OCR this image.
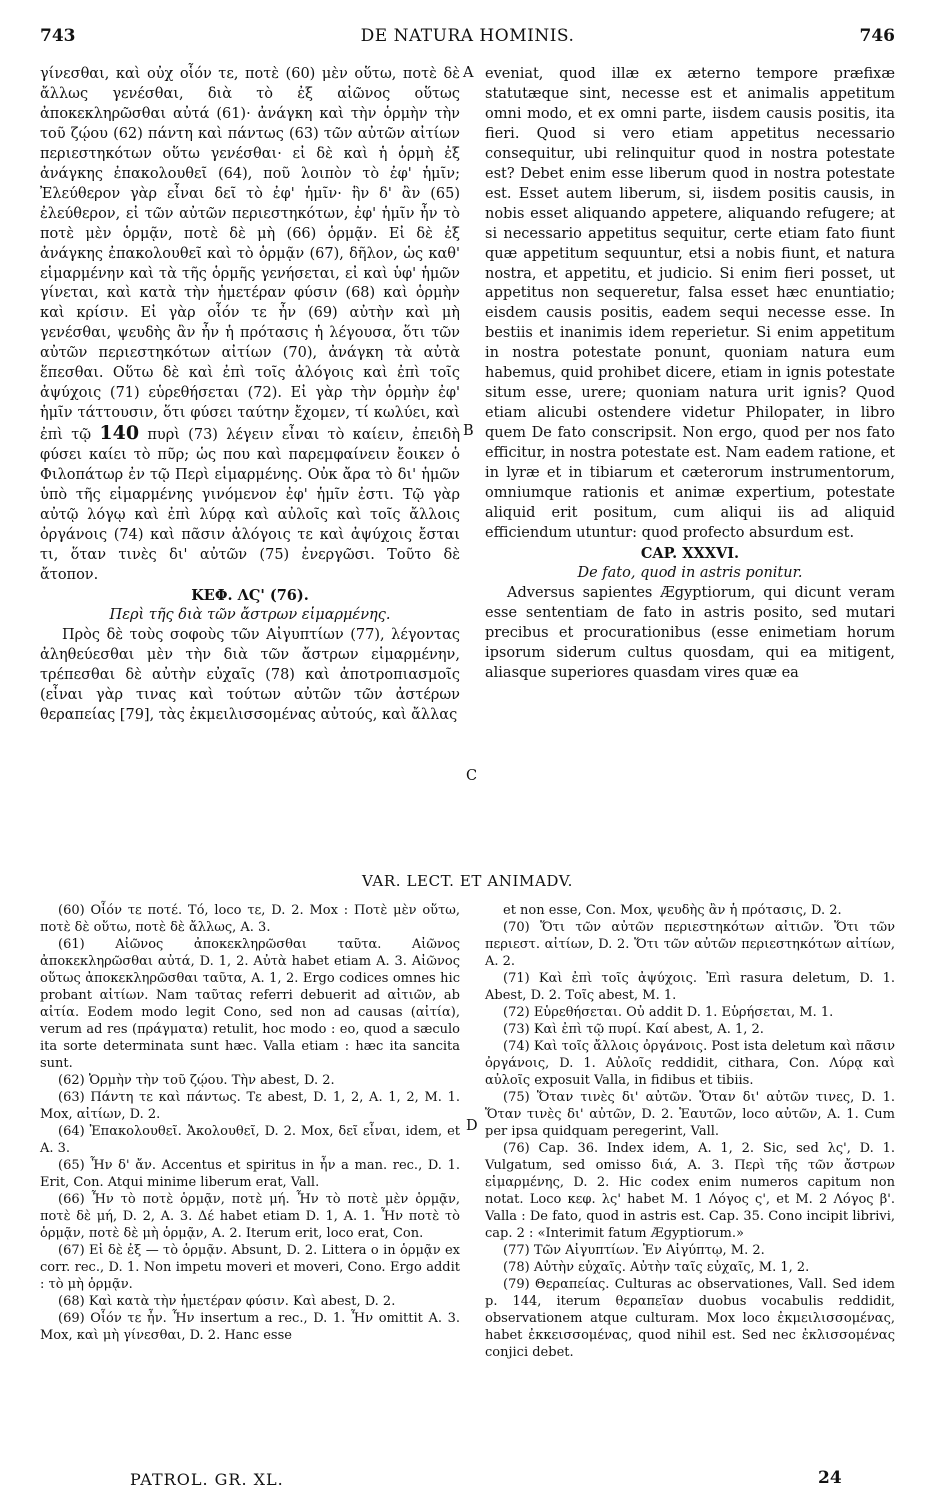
743	DE NATURA HOMINIS.	746

γίνεσθαι, καὶ οὐχ οἷόν τε, ποτὲ (60) μὲν οὕτω, ποτὲ δὲ ἄλλως γενέσθαι, διὰ τὸ ἐξ αἰῶνος οὕτως ἀποκεκληρῶσθαι αὐτά (61)· ἀνάγκη καὶ τὴν ὁρμὴν τὴν τοῦ ζῴου (62) πάντη καὶ πάντως (63) τῶν αὐτῶν αἰτίων περιεστηκότων οὕτω γενέσθαι· εἰ δὲ καὶ ἡ ὁρμὴ ἐξ ἀνάγκης ἐπακολουθεῖ (64), ποῦ λοιπὸν τὸ ἐφ' ἡμῖν; Ἐλεύθερον γὰρ εἶναι δεῖ τὸ ἐφ' ἡμῖν· ἣν δ' ἂν (65) ἐλεύθερον, εἰ τῶν αὐτῶν περιεστηκότων, ἐφ' ἡμῖν ἦν τὸ ποτὲ μὲν ὁρμᾷν, ποτὲ δὲ μὴ (66) ὁρμᾷν. Εἰ δὲ ἐξ ἀνάγκης ἐπακολουθεῖ καὶ τὸ ὁρμᾷν (67), δῆλον, ὡς καθ' εἱμαρμένην καὶ τὰ τῆς ὁρμῆς γενήσεται, εἰ καὶ ὑφ' ἡμῶν γίνεται, καὶ κατὰ τὴν ἡμετέραν φύσιν (68) καὶ ὁρμὴν καὶ κρίσιν. Εἰ γὰρ οἷόν τε ἦν (69) αὐτὴν καὶ μὴ γενέσθαι, ψευδὴς ἂν ἦν ἡ πρότασις ἡ λέγουσα, ὅτι τῶν αὐτῶν περιεστηκότων αἰτίων (70), ἀνάγκη τὰ αὐτὰ ἕπεσθαι. Οὕτω δὲ καὶ ἐπὶ τοῖς ἀλόγοις καὶ ἐπὶ τοῖς ἀψύχοις (71) εὑρεθήσεται (72). Εἰ γὰρ τὴν ὁρμὴν ἐφ' ἡμῖν τάττουσιν, ὅτι φύσει ταύτην ἔχομεν, τί κωλύει, καὶ ἐπὶ τῷ 140 πυρὶ (73) λέγειν εἶναι τὸ καίειν, ἐπειδὴ φύσει καίει τὸ πῦρ; ὡς που καὶ παρεμφαίνειν ἔοικεν ὁ Φιλοπάτωρ ἐν τῷ Περὶ εἱμαρμένης. Οὐκ ἄρα τὸ δι' ἡμῶν ὑπὸ τῆς εἱμαρμένης γινόμενον ἐφ' ἡμῖν ἐστι. Τῷ γὰρ αὐτῷ λόγῳ καὶ ἐπὶ λύρᾳ καὶ αὐλοῖς καὶ τοῖς ἄλλοις ὀργάνοις (74) καὶ πᾶσιν ἀλόγοις τε καὶ ἀψύχοις ἔσται τι, ὅταν τινὲς δι' αὐτῶν (75) ἐνεργῶσι. Τοῦτο δὲ ἄτοπον.

ΚΕΦ. ΛϚ' (76).

Περὶ τῆς διὰ τῶν ἄστρων εἱμαρμένης.

Πρὸς δὲ τοὺς σοφοὺς τῶν Αἰγυπτίων (77), λέγοντας ἀληθεύεσθαι μὲν τὴν διὰ τῶν ἄστρων εἱμαρμένην, τρέπεσθαι δὲ αὐτὴν εὐχαῖς (78) καὶ ἀποτροπιασμοῖς (εἶναι γὰρ τινας καὶ τούτων αὐτῶν τῶν ἀστέρων θεραπείας [79], τὰς ἐκμειλισσομένας αὐτούς, καὶ ἄλλας

A
B
C
D

eveniat, quod illæ ex æterno tempore præfixæ statutæque sint, necesse est et animalis appetitum omni modo, et ex omni parte, iisdem causis positis, ita fieri. Quod si vero etiam appetitus necessario consequitur, ubi relinquitur quod in nostra potestate est? Debet enim esse liberum quod in nostra potestate est. Esset autem liberum, si, iisdem positis causis, in nobis esset aliquando appetere, aliquando refugere; at si necessario appetitus sequitur, certe etiam fato fiunt quæ appetitum sequuntur, etsi a nobis fiunt, et natura nostra, et appetitu, et judicio. Si enim fieri posset, ut appetitus non sequeretur, falsa esset hæc enuntiatio; eisdem causis positis, eadem sequi necesse esse. In bestiis et inanimis idem reperietur. Si enim appetitum in nostra potestate ponunt, quoniam natura eum habemus, quid prohibet dicere, etiam in ignis potestate situm esse, urere; quoniam natura urit ignis? Quod etiam alicubi ostendere videtur Philopater, in libro quem De fato conscripsit. Non ergo, quod per nos fato efficitur, in nostra potestate est. Nam eadem ratione, et in lyræ et in tibiarum et cæterorum instrumentorum, omniumque rationis et animæ expertium, potestate aliquid erit positum, cum aliqui iis ad aliquid efficiendum utuntur: quod profecto absurdum est.

CAP. XXXVI.

De fato, quod in astris ponitur.

Adversus sapientes Ægyptiorum, qui dicunt veram esse sententiam de fato in astris posito, sed mutari precibus et procurationibus (esse enimetiam horum ipsorum siderum cultus quosdam, qui ea mitigent, aliasque superiores quasdam vires quæ ea

VAR. LECT. ET ANIMADV.

(60) Οἷόν τε ποτέ. Τό, loco τε, D. 2. Mox : Ποτὲ μὲν οὕτω, ποτὲ δὲ οὕτω, ποτὲ δὲ ἄλλως, A. 3.

(61) Αἰῶνος ἀποκεκληρῶσθαι ταῦτα. Αἰῶνος ἀποκεκληρῶσθαι αὐτά, D. 1, 2. Αὐτὰ habet etiam A. 3. Αἰῶνος οὕτως ἀποκεκληρῶσθαι ταῦτα, A. 1, 2. Ergo codices omnes hic probant αἰτίων. Nam ταῦτας referri debuerit ad αἰτιῶν, ab αἰτία. Eodem modo legit Cono, sed non ad causas (αἰτία), verum ad res (πράγματα) retulit, hoc modo : eo, quod a sæculo ita sorte determinata sunt hæc. Valla etiam : hæc ita sancita sunt.

(62) Ὁρμὴν τὴν τοῦ ζῴου. Τὴν abest, D. 2.

(63) Πάντη τε καὶ πάντως. Τε abest, D. 1, 2, A. 1, 2, M. 1. Mox, αἰτίων, D. 2.

(64) Ἐπακολουθεῖ. Ἀκολουθεῖ, D. 2. Mox, δεῖ εἶναι, idem, et A. 3.

(65) Ἦν δ' ἄν. Accentus et spiritus in ἦν a man. rec., D. 1. Erit, Con. Atqui minime liberum erat, Vall.

(66) Ἦν τὸ ποτὲ ὁρμᾷν, ποτὲ μή. Ἦν τὸ ποτὲ μὲν ὁρμᾷν, ποτὲ δὲ μή, D. 2, A. 3. Δέ habet etiam D. 1, A. 1. Ἦν ποτὲ τὸ ὁρμᾷν, ποτὲ δὲ μὴ ὁρμᾷν, A. 2. Iterum erit, loco erat, Con.

(67) Εἰ δὲ ἐξ — τὸ ὁρμᾷν. Absunt, D. 2. Littera o in ὁρμᾷν ex corr. rec., D. 1. Non impetu moveri et moveri, Cono. Ergo addit : τὸ μὴ ὁρμᾷν.

(68) Καὶ κατὰ τὴν ἡμετέραν φύσιν. Καὶ abest, D. 2.

(69) Οἷόν τε ἦν. Ἦν insertum a rec., D. 1. Ἦν omittit A. 3. Mox, καὶ μὴ γίνεσθαι, D. 2. Hanc esse

et non esse, Con. Mox, ψευδὴς ἂν ἡ πρότασις, D. 2.

(70) Ὅτι τῶν αὐτῶν περιεστηκότων αἰτιῶν. Ὅτι τῶν περιεστ. αἰτίων, D. 2. Ὅτι τῶν αὐτῶν περιεστηκότων αἰτίων, A. 2.

(71) Καὶ ἐπὶ τοῖς ἀψύχοις. Ἐπὶ rasura deletum, D. 1. Abest, D. 2. Τοῖς abest, M. 1.

(72) Εὑρεθήσεται. Οὐ addit D. 1. Εὑρήσεται, M. 1.

(73) Καὶ ἐπὶ τῷ πυρί. Καί abest, A. 1, 2.

(74) Καὶ τοῖς ἄλλοις ὀργάνοις. Post ista deletum καὶ πᾶσιν ὀργάνοις, D. 1. Αὐλοῖς reddidit, cithara, Con. Λύρᾳ καὶ αὐλοῖς exposuit Valla, in fidibus et tibiis.

(75) Ὅταν τινὲς δι' αὐτῶν. Ὅταν δι' αὐτῶν τινες, D. 1. Ὅταν τινὲς δι' αὐτῶν, D. 2. Ἑαυτῶν, loco αὐτῶν, A. 1. Cum per ipsa quidquam peregerint, Vall.

(76) Cap. 36. Index idem, A. 1, 2. Sic, sed λς', D. 1. Vulgatum, sed omisso διά, A. 3. Περὶ τῆς τῶν ἄστρων εἱμαρμένης, D. 2. Hic codex enim numeros capitum non notat. Loco κεφ. λς' habet M. 1 Λόγος ς', et M. 2 Λόγος β'. Valla : De fato, quod in astris est. Cap. 35. Cono incipit librivi, cap. 2 : «Interimit fatum Ægyptiorum.»

(77) Τῶν Αἰγυπτίων. Ἐν Αἰγύπτῳ, M. 2.

(78) Αὐτὴν εὐχαῖς. Αὐτὴν ταῖς εὐχαῖς, M. 1, 2.

(79) Θεραπείας. Culturas ac observationes, Vall. Sed idem p. 144, iterum θεραπεῖαν duobus vocabulis reddidit, observationem atque culturam. Mox loco ἐκμειλισσομένας, habet ἐκκεισσομένας, quod nihil est. Sed nec ἐκλισσομένας conjici debet.

PATROL. GR. XL.	24
